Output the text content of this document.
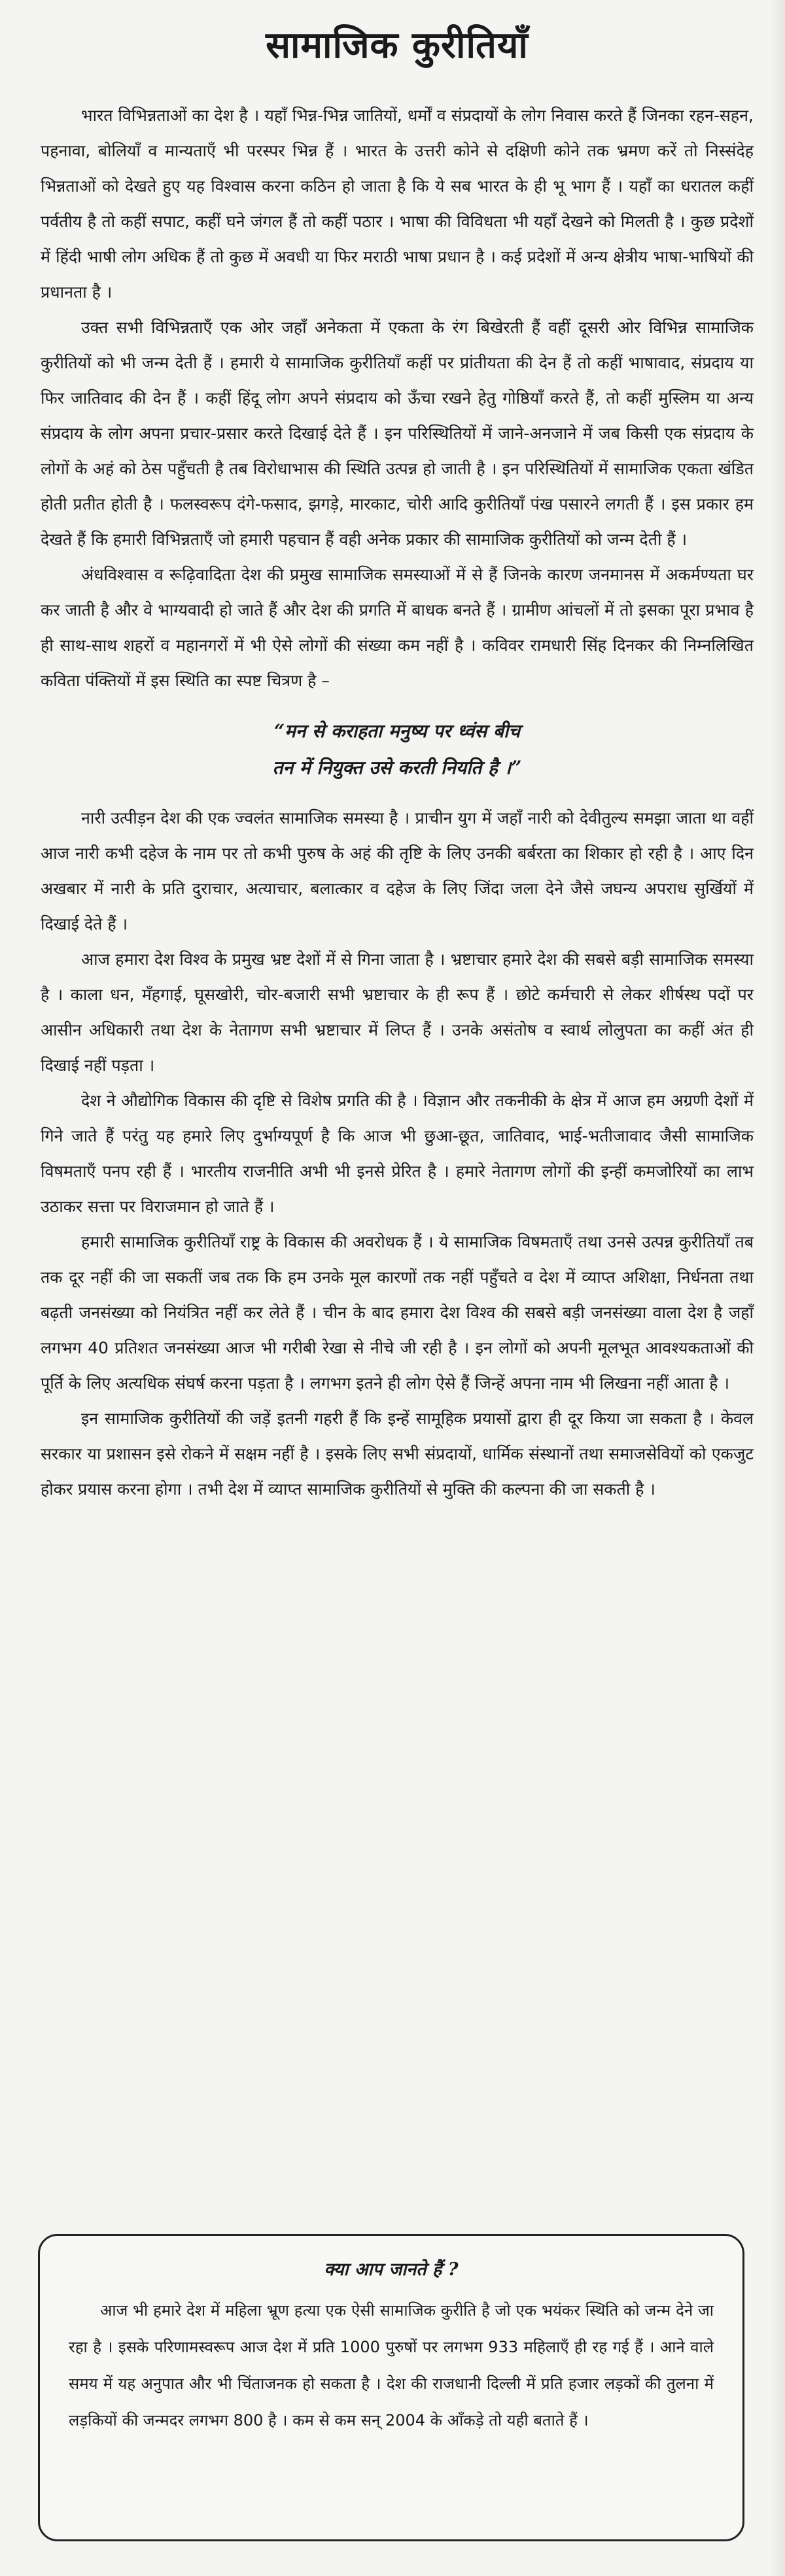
सामाजिक कुरीतियाँ

भारत विभिन्नताओं का देश है । यहाँ भिन्न-भिन्न जातियों, धर्मों व संप्रदायों के लोग निवास करते हैं जिनका रहन-सहन, पहनावा, बोलियाँ व मान्यताएँ भी परस्पर भिन्न हैं । भारत के उत्तरी कोने से दक्षिणी कोने तक भ्रमण करें तो निस्संदेह भिन्नताओं को देखते हुए यह विश्वास करना कठिन हो जाता है कि ये सब भारत के ही भू भाग हैं । यहाँ का धरातल कहीं पर्वतीय है तो कहीं सपाट, कहीं घने जंगल हैं तो कहीं पठार । भाषा की विविधता भी यहाँ देखने को मिलती है । कुछ प्रदेशों में हिंदी भाषी लोग अधिक हैं तो कुछ में अवधी या फिर मराठी भाषा प्रधान है । कई प्रदेशों में अन्य क्षेत्रीय भाषा-भाषियों की प्रधानता है ।

उक्त सभी विभिन्नताएँ एक ओर जहाँ अनेकता में एकता के रंग बिखेरती हैं वहीं दूसरी ओर विभिन्न सामाजिक कुरीतियों को भी जन्म देती हैं । हमारी ये सामाजिक कुरीतियाँ कहीं पर प्रांतीयता की देन हैं तो कहीं भाषावाद, संप्रदाय या फिर जातिवाद की देन हैं । कहीं हिंदू लोग अपने संप्रदाय को ऊँचा रखने हेतु गोष्ठियाँ करते हैं, तो कहीं मुस्लिम या अन्य संप्रदाय के लोग अपना प्रचार-प्रसार करते दिखाई देते हैं । इन परिस्थितियों में जाने-अनजाने में जब किसी एक संप्रदाय के लोगों के अहं को ठेस पहुँचती है तब विरोधाभास की स्थिति उत्पन्न हो जाती है । इन परिस्थितियों में सामाजिक एकता खंडित होती प्रतीत होती है । फलस्वरूप दंगे-फसाद, झगड़े, मारकाट, चोरी आदि कुरीतियाँ पंख पसारने लगती हैं । इस प्रकार हम देखते हैं कि हमारी विभिन्नताएँ जो हमारी पहचान हैं वही अनेक प्रकार की सामाजिक कुरीतियों को जन्म देती हैं ।

अंधविश्वास व रूढ़िवादिता देश की प्रमुख सामाजिक समस्याओं में से हैं जिनके कारण जनमानस में अकर्मण्यता घर कर जाती है और वे भाग्यवादी हो जाते हैं और देश की प्रगति में बाधक बनते हैं । ग्रामीण आंचलों में तो इसका पूरा प्रभाव है ही साथ-साथ शहरों व महानगरों में भी ऐसे लोगों की संख्या कम नहीं है । कविवर रामधारी सिंह दिनकर की निम्नलिखित कविता पंक्तियों में इस स्थिति का स्पष्ट चित्रण है –

“मन से कराहता मनुष्य पर ध्वंस बीच
तन में नियुक्त उसे करती नियति है ।”

नारी उत्पीड़न देश की एक ज्वलंत सामाजिक समस्या है । प्राचीन युग में जहाँ नारी को देवीतुल्य समझा जाता था वहीं आज नारी कभी दहेज के नाम पर तो कभी पुरुष के अहं की तृष्टि के लिए उनकी बर्बरता का शिकार हो रही है । आए दिन अखबार में नारी के प्रति दुराचार, अत्याचार, बलात्कार व दहेज के लिए जिंदा जला देने जैसे जघन्य अपराध सुर्खियों में दिखाई देते हैं ।

आज हमारा देश विश्व के प्रमुख भ्रष्ट देशों में से गिना जाता है । भ्रष्टाचार हमारे देश की सबसे बड़ी सामाजिक समस्या है । काला धन, मँहगाई, घूसखोरी, चोर-बजारी सभी भ्रष्टाचार के ही रूप हैं । छोटे कर्मचारी से लेकर शीर्षस्थ पदों पर आसीन अधिकारी तथा देश के नेतागण सभी भ्रष्टाचार में लिप्त हैं । उनके असंतोष व स्वार्थ लोलुपता का कहीं अंत ही दिखाई नहीं पड़ता ।

देश ने औद्योगिक विकास की दृष्टि से विशेष प्रगति की है । विज्ञान और तकनीकी के क्षेत्र में आज हम अग्रणी देशों में गिने जाते हैं परंतु यह हमारे लिए दुर्भाग्यपूर्ण है कि आज भी छुआ-छूत, जातिवाद, भाई-भतीजावाद जैसी सामाजिक विषमताएँ पनप रही हैं । भारतीय राजनीति अभी भी इनसे प्रेरित है । हमारे नेतागण लोगों की इन्हीं कमजोरियों का लाभ उठाकर सत्ता पर विराजमान हो जाते हैं ।

हमारी सामाजिक कुरीतियाँ राष्ट्र के विकास की अवरोधक हैं । ये सामाजिक विषमताएँ तथा उनसे उत्पन्न कुरीतियाँ तब तक दूर नहीं की जा सकतीं जब तक कि हम उनके मूल कारणों तक नहीं पहुँचते व देश में व्याप्त अशिक्षा, निर्धनता तथा बढ़ती जनसंख्या को नियंत्रित नहीं कर लेते हैं । चीन के बाद हमारा देश विश्व की सबसे बड़ी जनसंख्या वाला देश है जहाँ लगभग 40 प्रतिशत जनसंख्या आज भी गरीबी रेखा से नीचे जी रही है । इन लोगों को अपनी मूलभूत आवश्यकताओं की पूर्ति के लिए अत्यधिक संघर्ष करना पड़ता है । लगभग इतने ही लोग ऐसे हैं जिन्हें अपना नाम भी लिखना नहीं आता है ।

इन सामाजिक कुरीतियों की जड़ें इतनी गहरी हैं कि इन्हें सामूहिक प्रयासों द्वारा ही दूर किया जा सकता है । केवल सरकार या प्रशासन इसे रोकने में सक्षम नहीं है । इसके लिए सभी संप्रदायों, धार्मिक संस्थानों तथा समाजसेवियों को एकजुट होकर प्रयास करना होगा । तभी देश में व्याप्त सामाजिक कुरीतियों से मुक्ति की कल्पना की जा सकती है ।

क्या आप जानते हैं ?

आज भी हमारे देश में महिला भ्रूण हत्या एक ऐसी सामाजिक कुरीति है जो एक भयंकर स्थिति को जन्म देने जा रहा है । इसके परिणामस्वरूप आज देश में प्रति 1000 पुरुषों पर लगभग 933 महिलाएँ ही रह गई हैं । आने वाले समय में यह अनुपात और भी चिंताजनक हो सकता है । देश की राजधानी दिल्ली में प्रति हजार लड़कों की तुलना में लड़कियों की जन्मदर लगभग 800 है । कम से कम सन् 2004 के आँकड़े तो यही बताते हैं ।
